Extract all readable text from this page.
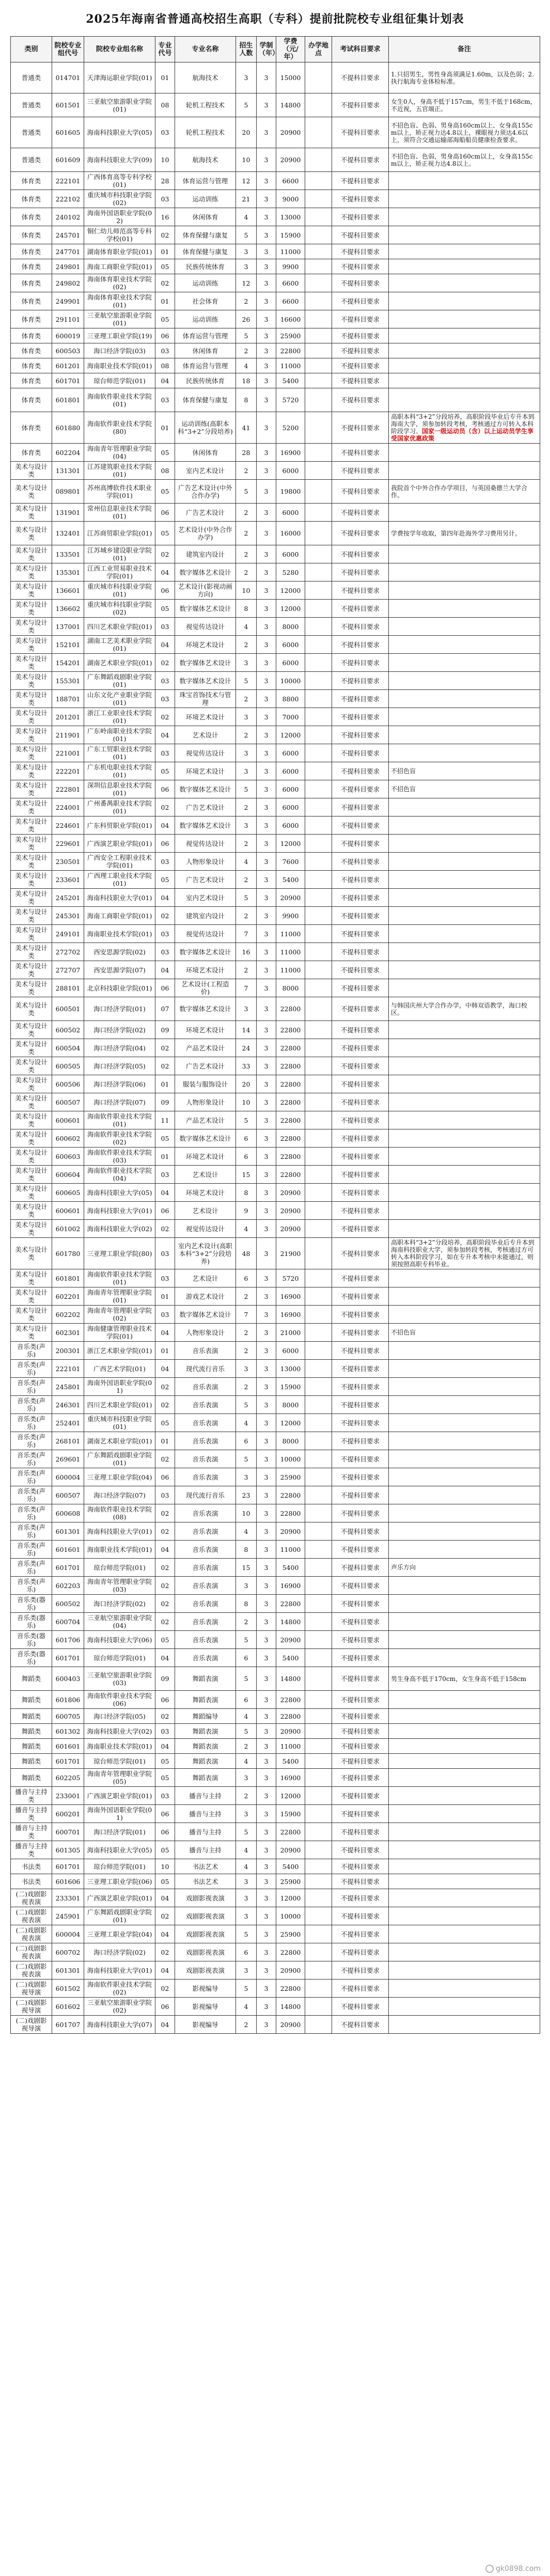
2025年海南省普通高校招生高职（专科）提前批院校专业组征集计划表
类别	院校专业组代号	院校专业组名称	专业代号	专业名称	招生人数	学制（年）	学费（元/年）	办学地点	考试科目要求	备注
普通类	014701	天津海运职业学院(01)	01	航海技术	3	3	15000		不提科目要求	1.只招男生，男性身高须满足1.60m，以及色弱；2.执行航海专业体检标准。
普通类	601501	三亚航空旅游职业学院(01)	08	轮机工程技术	5	3	14800		不提科目要求	女生0人，身高不低于157cm，男生不低于168cm，不近视，五官端正。
普通类	601605	海南科技职业大学(05)	03	轮机工程技术	20	3	20900		不提科目要求	不招色盲、色弱、男身高160cm以上、女身高155cm以上，矫正视力达4.8以上，裸眼视力须达4.6以上，须符合交通运输部海船船员健康检查要求。
普通类	601609	海南科技职业大学(09)	10	航海技术	10	3	20900		不提科目要求	不招色盲、色弱，男身高160cm以上，女身高155cm以上，矫正视力达4.8以上。
体育类	222101	广西体育高等专科学校(01)	28	体育运营与管理	12	3	6600		不提科目要求	
体育类	222102	重庆城市科技职业学院(02)	03	运动训练	21	3	9000		不提科目要求	
体育类	240102	海南外国语职业学院(02)	16	休闲体育	4	3	13000		不提科目要求	
体育类	245701	铜仁幼儿师范高等专科学校(01)	02	体育保健与康复	5	3	15900		不提科目要求	
体育类	247701	湖南体育职业学院(01)	01	体育保健与康复	3	3	11000		不提科目要求	
体育类	249801	海南工商职业学院(01)	05	民族传统体育	3	3	9900		不提科目要求	
体育类	249802	海南体育职业技术学院(02)	02	运动训练	12	3	6600		不提科目要求	
体育类	249901	海南体育职业技术学院(01)	01	社会体育	2	3	6600		不提科目要求	
体育类	291101	三亚航空旅游职业学院(01)	05	运动训练	26	3	16600		不提科目要求	
体育类	600019	三亚理工职业学院(19)	06	体育运营与管理	5	3	25900		不提科目要求	
体育类	600503	海口经济学院(03)	03	休闲体育	2	3	22800		不提科目要求	
体育类	601201	海南职业技术学院(01)	08	体育运营与管理	4	3	11000		不提科目要求	
体育类	601701	琼台师范学院(01)	04	民族传统体育	18	3	5400		不提科目要求	
体育类	601801	海南软件职业技术学院(01)	03	体育保健与康复	8	3	5720		不提科目要求	
体育类	601880	海南软件职业技术学院(80)	01	运动训练(高职本科“3+2”分段培养)	41	3	5200		不提科目要求	高职本科“3+2”分段培养，高职阶段毕业后专升本到海南大学，须参加转段考核，考核通过方可转入本科阶段学习。国家一级运动员（含）以上运动员学生享受国家优惠政策
体育类	602204	海南青年管理职业学院(04)	05	休闲体育	28	3	16900		不提科目要求	
美术与设计类	131301	江苏建筑职业技术学院(01)	08	室内艺术设计	2	3	6000		不提科目要求	
美术与设计类	089801	苏州高博软件技术职业学院(01)	05	广告艺术设计(中外合作办学)	5	3	19800		不提科目要求	我院首个中外合作办学项目，与英国桑德兰大学合作。
美术与设计类	131901	常州信息职业技术学院(01)	06	广告艺术设计	2	3	6000		不提科目要求	
美术与设计类	132401	江苏商贸职业学院(01)	05	艺术设计(中外合作办学)	2	3	16000		不提科目要求	学费按学年收取，第四年赴海外学习费用另计。
美术与设计类	133501	江苏城乡建设职业学院(01)	02	建筑室内设计	2	3	6000		不提科目要求	
美术与设计类	135301	江西工业贸易职业技术学院(01)	04	数字媒体艺术设计	2	3	5280		不提科目要求	
美术与设计类	136601	重庆城市科技职业学院(01)	06	艺术设计(影视动画方向)	10	3	12000		不提科目要求	
美术与设计类	136602	重庆城市科技职业学院(02)	05	数字媒体艺术设计	8	3	12000		不提科目要求	
美术与设计类	137001	四川艺术职业学院(01)	03	视觉传达设计	4	3	8000		不提科目要求	
美术与设计类	152101	湖南工艺美术职业学院(01)	04	环境艺术设计	2	3	6000		不提科目要求	
美术与设计类	154201	湖南艺术职业学院(01)	02	数字媒体艺术设计	3	3	6000		不提科目要求	
美术与设计类	155301	广东舞蹈戏剧职业学院(01)	03	数字媒体艺术设计	5	3	10000		不提科目要求	
美术与设计类	188701	山东文化产业职业学院(01)	03	珠宝首饰技术与管理	2	3	8800		不提科目要求	
美术与设计类	201201	浙江工业职业技术学院(01)	02	环境艺术设计	3	3	7000		不提科目要求	
美术与设计类	211901	广东岭南职业技术学院(01)	04	艺术设计	2	3	12000		不提科目要求	
美术与设计类	221001	广东工贸职业技术学院(01)	03	视觉传达设计	3	3	6000		不提科目要求	
美术与设计类	222201	广东机电职业技术学院(01)	05	环境艺术设计	3	3	6000		不提科目要求	不招色盲
美术与设计类	222801	深圳信息职业技术学院(01)	06	数字媒体艺术设计	5	3	6000		不提科目要求	不招色盲
美术与设计类	224001	广州番禺职业技术学院(01)	02	广告艺术设计	2	3	6000		不提科目要求	
美术与设计类	224601	广东科贸职业学院(01)	04	数字媒体艺术设计	3	3	6000		不提科目要求	
美术与设计类	229601	广西演艺职业学院(01)	06	视觉传达设计	2	3	12000		不提科目要求	
美术与设计类	230501	广西安全工程职业技术学院(01)	03	人物形象设计	4	3	7600		不提科目要求	
美术与设计类	233601	广西理工职业技术学院(01)	05	广告艺术设计	2	3	5400		不提科目要求	
美术与设计类	245201	海南科技职业大学(01)	04	室内艺术设计	5	3	20900		不提科目要求	
美术与设计类	245301	海南工商职业学院(01)	02	建筑室内设计	2	3	9900		不提科目要求	
美术与设计类	249101	海南职业技术学院(01)	03	视觉传达设计	7	3	11000		不提科目要求	
美术与设计类	272702	西安思源学院(02)	03	数字媒体艺术设计	16	3	11000		不提科目要求	
美术与设计类	272707	西安思源学院(07)	04	环境艺术设计	2	3	11000		不提科目要求	
美术与设计类	288101	北京科技职业学院(01)	06	艺术设计(工程造价)	7	3	8000		不提科目要求	
美术与设计类	600501	海口经济学院(01)	07	数字媒体艺术设计	3	3	22800		不提科目要求	与韩国庆州大学合作办学，中韩双语教学，海口校区。
美术与设计类	600502	海口经济学院(02)	09	环境艺术设计	14	3	22800		不提科目要求	
美术与设计类	600504	海口经济学院(04)	02	产品艺术设计	24	3	22800		不提科目要求	
美术与设计类	600505	海口经济学院(05)	02	广告艺术设计	33	3	22800		不提科目要求	
美术与设计类	600506	海口经济学院(06)	01	服装与服饰设计	20	3	22800		不提科目要求	
美术与设计类	600507	海口经济学院(07)	09	人物形象设计	10	3	22800		不提科目要求	
美术与设计类	600601	海南软件职业技术学院(01)	11	产品艺术设计	5	3	22800		不提科目要求	
美术与设计类	600602	海南软件职业技术学院(02)	05	数字媒体艺术设计	6	3	22800		不提科目要求	
美术与设计类	600603	海南软件职业技术学院(03)	01	环境艺术设计	6	3	22800		不提科目要求	
美术与设计类	600604	海南软件职业技术学院(04)	03	艺术设计	15	3	22800		不提科目要求	
美术与设计类	600605	海南科技职业大学(05)	04	环境艺术设计	8	3	20900		不提科目要求	
美术与设计类	600601	海南科技职业大学(01)	06	艺术设计	9	3	20900		不提科目要求	
美术与设计类	601002	海南科技职业大学(02)	02	视觉传达设计	4	3	20900		不提科目要求	
美术与设计类	601780	三亚理工职业学院(80)	03	室内艺术设计(高职本科“3+2”分段培养)	48	3	21900		不提科目要求	高职本科“3+2”分段培养，高职阶段毕业后专升本到海南科技职业大学，须参加转段考核，考核通过方可转入本科阶段学习，如在专升本考核中未能通过，则须按照高职专科毕业。
美术与设计类	601801	海南软件职业技术学院(01)	03	艺术设计	6	3	5720		不提科目要求	
美术与设计类	602201	海南青年管理职业学院(01)	01	游戏艺术设计	2	3	16900		不提科目要求	
美术与设计类	602202	海南青年管理职业学院(02)	03	数字媒体艺术设计	7	3	16900		不提科目要求	
美术与设计类	602301	海南健康管理职业技术学院(01)	04	人物形象设计	2	3	21000		不提科目要求	不招色盲
音乐类(声乐)	200301	浙江艺术职业学院(01)	01	音乐表演	2	3	6000		不提科目要求	
音乐类(声乐)	222101	广西艺术学院(01)	04	现代流行音乐	3	3	13000		不提科目要求	
音乐类(声乐)	245801	海南外国语职业学院(01)	02	音乐表演	2	3	15900		不提科目要求	
音乐类(声乐)	246301	四川艺术职业学院(01)	02	音乐表演	5	3	8000		不提科目要求	
音乐类(声乐)	252401	重庆城市科技职业学院(01)	05	音乐表演	4	3	12000		不提科目要求	
音乐类(声乐)	268101	湖南艺术职业学院(01)	01	音乐表演	6	3	8000		不提科目要求	
音乐类(声乐)	269601	广东舞蹈戏剧职业学院(01)	02	音乐表演	5	3	10000		不提科目要求	
音乐类(声乐)	600004	三亚理工职业学院(04)	06	音乐表演	3	3	25900		不提科目要求	
音乐类(声乐)	600507	海口经济学院(07)	03	现代流行音乐	23	3	22800		不提科目要求	
音乐类(声乐)	600608	海南软件职业技术学院(08)	02	音乐表演	10	3	22800		不提科目要求	
音乐类(声乐)	601301	海南科技职业大学(01)	02	音乐表演	4	3	20900		不提科目要求	
音乐类(声乐)	601601	海南职业技术学院(01)	04	音乐表演	8	3	11000		不提科目要求	
音乐类(声乐)	601701	琼台师范学院(01)	02	音乐表演	15	3	5400		不提科目要求	声乐方向
音乐类(声乐)	602203	海南青年管理职业学院(03)	02	音乐表演	3	3	16900		不提科目要求	
音乐类(器乐)	600502	海口经济学院(02)	02	音乐表演	8	3	22800		不提科目要求	
音乐类(器乐)	600704	三亚航空旅游职业学院(04)	02	音乐表演	2	3	14800		不提科目要求	
音乐类(器乐)	601706	海南科技职业大学(06)	05	音乐表演	5	3	20900		不提科目要求	
音乐类(器乐)	601701	琼台师范学院(01)	04	音乐表演	6	3	5400		不提科目要求	
舞蹈类	600403	三亚航空旅游职业学院(03)	09	舞蹈表演	5	3	14800		不提科目要求	男生身高不低于170cm，女生身高不低于158cm
舞蹈类	601806	海南软件职业技术学院(06)	06	舞蹈表演	6	3	22800		不提科目要求	
舞蹈类	600705	海口经济学院(05)	02	舞蹈编导	4	3	22800		不提科目要求	
舞蹈类	601302	海南科技职业大学(02)	03	舞蹈表演	5	3	20900		不提科目要求	
舞蹈类	601601	海南职业技术学院(01)	04	舞蹈表演	2	3	11000		不提科目要求	
舞蹈类	601701	琼台师范学院(01)	05	舞蹈表演	4	3	5400		不提科目要求	
舞蹈类	602205	海南青年管理职业学院(05)	05	舞蹈表演	3	3	16900		不提科目要求	
播音与主持类	233001	广西演艺职业学院(01)	03	播音与主持	2	3	12000		不提科目要求	
播音与主持类	600201	海南外国语职业学院(01)	06	播音与主持	3	3	15900		不提科目要求	
播音与主持类	600701	海口经济学院(01)	06	播音与主持	5	3	22800		不提科目要求	
播音与主持类	601305	海南科技职业大学(05)	05	播音与主持	4	3	20900		不提科目要求	
书法类	601701	琼台师范学院(01)	10	书法艺术	4	3	5400		不提科目要求	
书法类	601606	三亚理工职业学院(06)	05	书法艺术	3	3	25900		不提科目要求	
(二)戏剧影视表演	233301	广西演艺职业学院(01)	04	戏剧影视表演	3	3	12000		不提科目要求	
(二)戏剧影视表演	245901	广东舞蹈戏剧职业学院(01)	02	戏剧影视表演	3	3	10000		不提科目要求	
(二)戏剧影视表演	600004	三亚理工职业学院(04)	04	戏剧影视表演	5	3	25900		不提科目要求	
(二)戏剧影视表演	600702	海口经济学院(02)	02	戏剧影视表演	6	3	22800		不提科目要求	
(二)戏剧影视表演	601301	海南科技职业大学(01)	04	戏剧影视表演	3	3	20900		不提科目要求	
(二)戏剧影视导演	601502	海南软件职业技术学院(02)	02	影视编导	5	3	22800		不提科目要求	
(二)戏剧影视导演	601602	三亚航空旅游职业学院(02)	06	影视编导	4	3	14800		不提科目要求	
(二)戏剧影视导演	601707	海南科技职业大学(07)	04	影视编导	2	3	20900		不提科目要求	
gk0898.com
